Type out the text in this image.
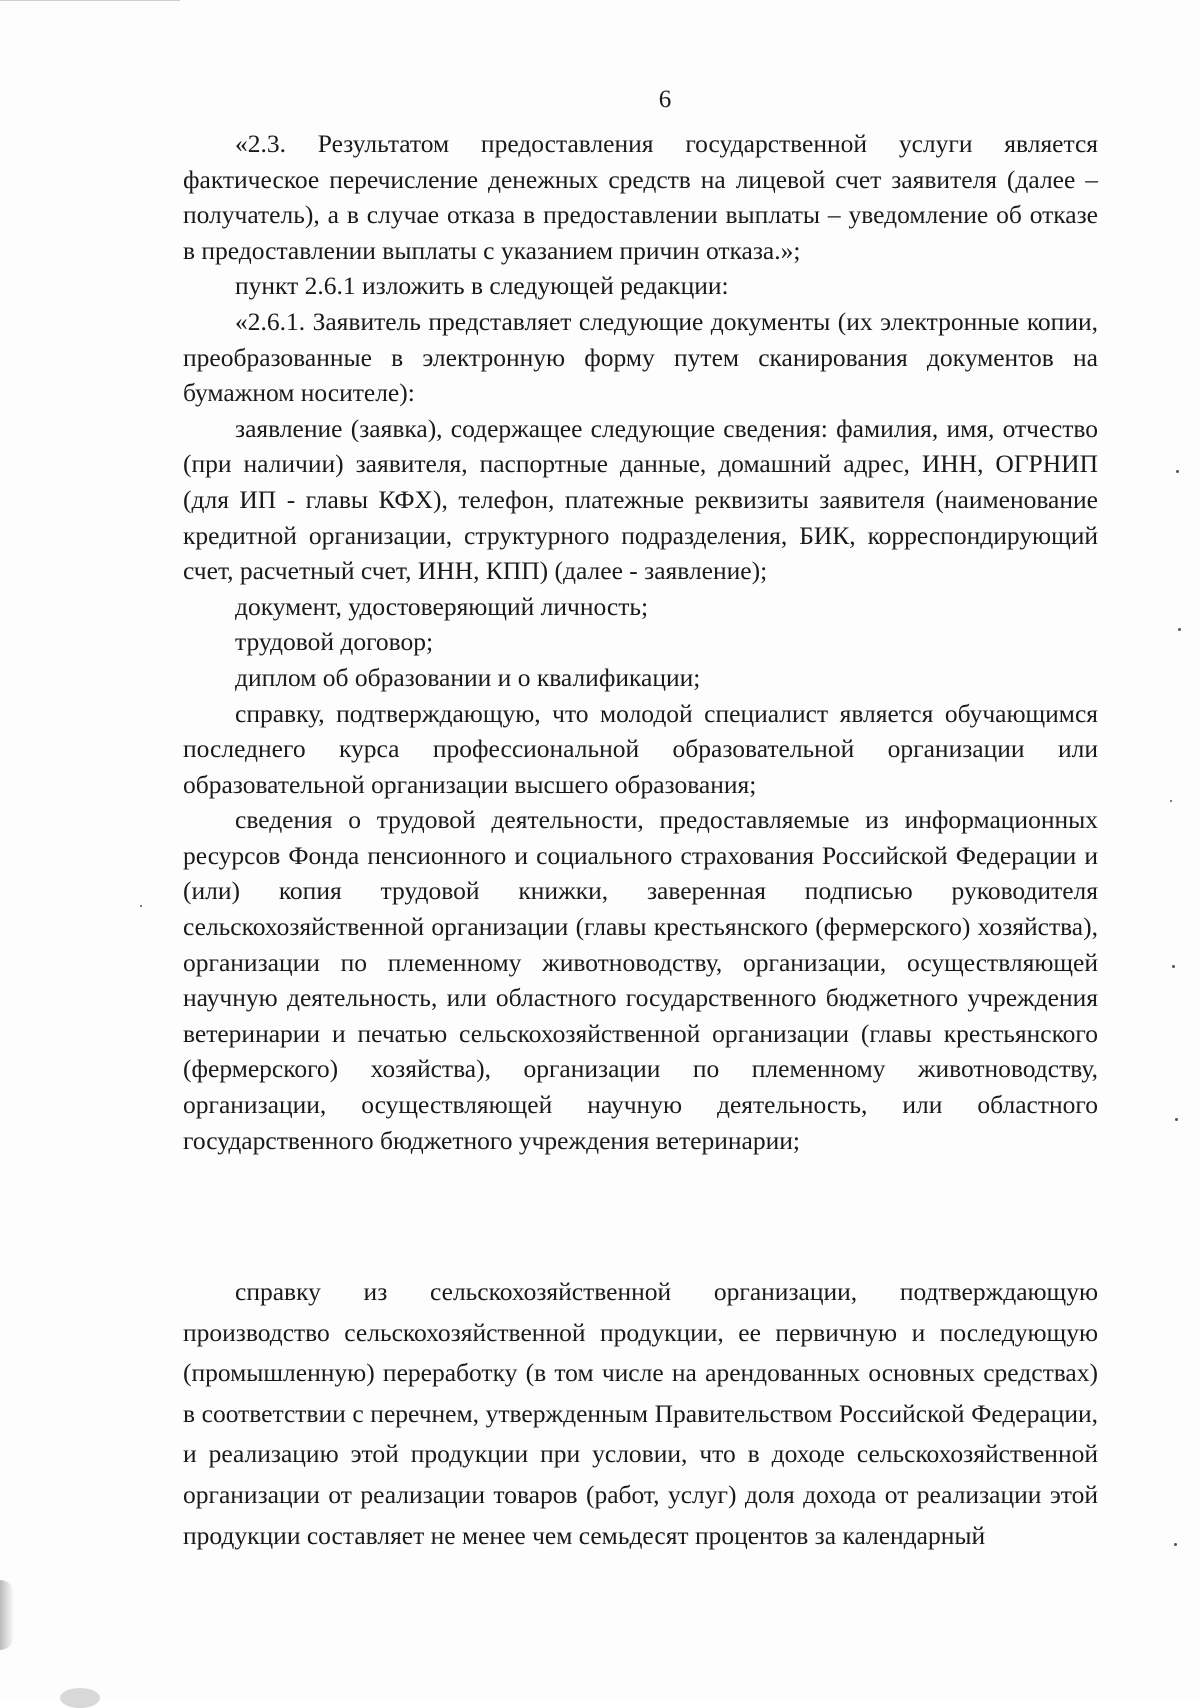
6

«2.3. Результатом предоставления государственной услуги является фактическое перечисление денежных средств на лицевой счет заявителя (далее – получатель), а в случае отказа в предоставлении выплаты – уведомление об отказе в предоставлении выплаты с указанием причин отказа.»;

пункт 2.6.1 изложить в следующей редакции:

«2.6.1. Заявитель представляет следующие документы (их электронные копии, преобразованные в электронную форму путем сканирования документов на бумажном носителе):

заявление (заявка), содержащее следующие сведения: фамилия, имя, отчество (при наличии) заявителя, паспортные данные, домашний адрес, ИНН, ОГРНИП (для ИП - главы КФХ), телефон, платежные реквизиты заявителя (наименование кредитной организации, структурного подразделения, БИК, корреспондирующий счет, расчетный счет, ИНН, КПП) (далее - заявление);

документ, удостоверяющий личность;

трудовой договор;

диплом об образовании и о квалификации;

справку, подтверждающую, что молодой специалист является обучающимся последнего курса профессиональной образовательной организации или образовательной организации высшего образования;

сведения о трудовой деятельности, предоставляемые из информационных ресурсов Фонда пенсионного и социального страхования Российской Федерации и (или) копия трудовой книжки, заверенная подписью руководителя сельскохозяйственной организации (главы крестьянского (фермерского) хозяйства), организации по племенному животноводству, организации, осуществляющей научную деятельность, или областного государственного бюджетного учреждения ветеринарии и печатью сельскохозяйственной организации (главы крестьянского (фермерского) хозяйства), организации по племенному животноводству, организации, осуществляющей научную деятельность, или областного государственного бюджетного учреждения ветеринарии;

справку из сельскохозяйственной организации, подтверждающую производство сельскохозяйственной продукции, ее первичную и последующую (промышленную) переработку (в том числе на арендованных основных средствах) в соответствии с перечнем, утвержденным Правительством Российской Федерации, и реализацию этой продукции при условии, что в доходе сельскохозяйственной организации от реализации товаров (работ, услуг) доля дохода от реализации этой продукции составляет не менее чем семьдесят процентов за календарный
